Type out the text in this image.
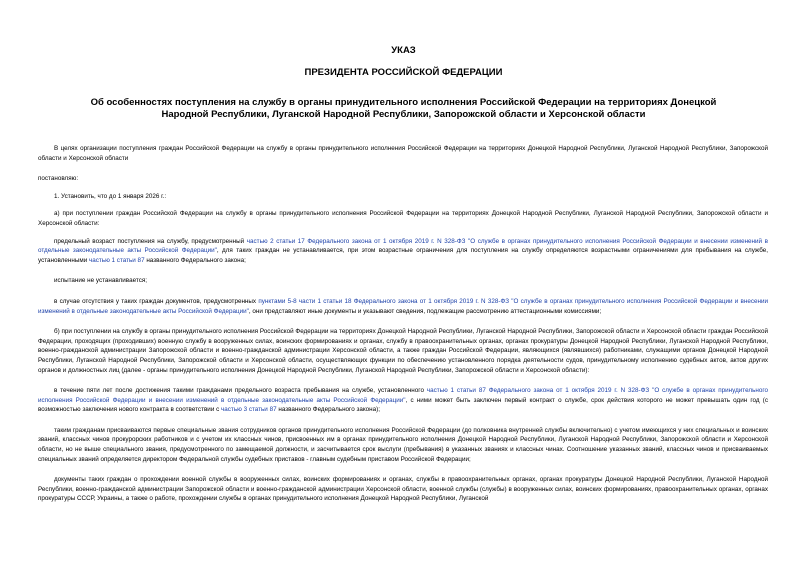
УКАЗ
ПРЕЗИДЕНТА РОССИЙСКОЙ ФЕДЕРАЦИИ
Об особенностях поступления на службу в органы принудительного исполнения Российской Федерации на территориях Донецкой Народной Республики, Луганской Народной Республики, Запорожской области и Херсонской области

В целях организации поступления граждан Российской Федерации на службу в органы принудительного исполнения Российской Федерации на территориях Донецкой Народной Республики, Луганской Народной Республики, Запорожской области и Херсонской области

постановляю:

1. Установить, что до 1 января 2026 г.:

а) при поступлении граждан Российской Федерации на службу в органы принудительного исполнения Российской Федерации на территориях Донецкой Народной Республики, Луганской Народной Республики, Запорожской области и Херсонской области:

предельный возраст поступления на службу, предусмотренный частью 2 статьи 17 Федерального закона от 1 октября 2019 г. N 328-ФЗ "О службе в органах принудительного исполнения Российской Федерации и внесении изменений в отдельные законодательные акты Российской Федерации", для таких граждан не устанавливается, при этом возрастные ограничения для поступления на службу определяются возрастными ограничениями для пребывания на службе, установленными частью 1 статьи 87 названного Федерального закона;

испытание не устанавливается;

в случае отсутствия у таких граждан документов, предусмотренных пунктами 5-8 части 1 статьи 18 Федерального закона от 1 октября 2019 г. N 328-ФЗ "О службе в органах принудительного исполнения Российской Федерации и внесении изменений в отдельные законодательные акты Российской Федерации", они представляют иные документы и указывают сведения, подлежащие рассмотрению аттестационными комиссиями;

б) при поступлении на службу в органы принудительного исполнения Российской Федерации на территориях Донецкой Народной Республики, Луганской Народной Республики, Запорожской области и Херсонской области граждан Российской Федерации, проходящих (проходивших) военную службу в вооруженных силах, воинских формированиях и органах, службу в правоохранительных органах, органах прокуратуры Донецкой Народной Республики, Луганской Народной Республики, военно-гражданской администрации Запорожской области и военно-гражданской администрации Херсонской области, а также граждан Российской Федерации, являющихся (являвшихся) работниками, служащими органов Донецкой Народной Республики, Луганской Народной Республики, Запорожской области и Херсонской области, осуществляющих функции по обеспечению установленного порядка деятельности судов, принудительному исполнению судебных актов, актов других органов и должностных лиц (далее - органы принудительного исполнения Донецкой Народной Республики, Луганской Народной Республики, Запорожской области и Херсонской области):

в течение пяти лет после достижения такими гражданами предельного возраста пребывания на службе, установленного частью 1 статьи 87 Федерального закона от 1 октября 2019 г. N 328-ФЗ "О службе в органах принудительного исполнения Российской Федерации и внесении изменений в отдельные законодательные акты Российской Федерации", с ними может быть заключен первый контракт о службе, срок действия которого не может превышать один год (с возможностью заключения нового контракта в соответствии с частью 3 статьи 87 названного Федерального закона);

таким гражданам присваиваются первые специальные звания сотрудников органов принудительного исполнения Российской Федерации (до полковника внутренней службы включительно) с учетом имеющихся у них специальных и воинских званий, классных чинов прокурорских работников и с учетом их классных чинов, присвоенных им в органах принудительного исполнения Донецкой Народной Республики, Луганской Народной Республики, Запорожской области и Херсонской области, но не выше специального звания, предусмотренного по замещаемой должности, и засчитывается срок выслуги (пребывания) в указанных званиях и классных чинах. Соотношение указанных званий, классных чинов и присваиваемых специальных званий определяется директором Федеральной службы судебных приставов - главным судебным приставом Российской Федерации;

документы таких граждан о прохождении военной службы в вооруженных силах, воинских формированиях и органах, службы в правоохранительных органах, органах прокуратуры Донецкой Народной Республики, Луганской Народной Республики, военно-гражданской администрации Запорожской области и военно-гражданской администрации Херсонской области, военной службы (службы) в вооруженных силах, воинских формированиях, правоохранительных органах, органах прокуратуры СССР, Украины, а также о работе, прохождении службы в органах принудительного исполнения Донецкой Народной Республики, Луганской
